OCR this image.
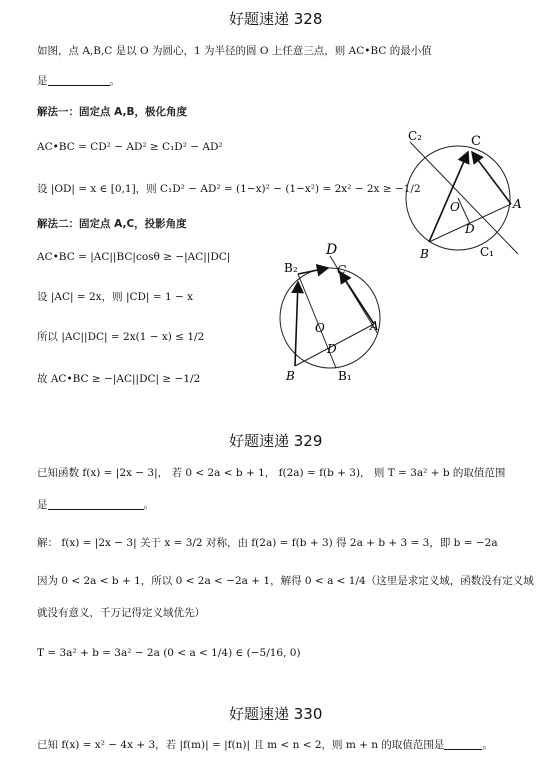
好题速递 328
如图，点 A,B,C 是以 O 为圆心，1 为半径的圆 O 上任意三点，则 AC•BC 的最小值
是	。
解法一：固定点 A,B，极化角度
AC•BC = CD² − AD² ≥ C₁D² − AD²
设 |OD| = x ∈ [0,1]，则 C₁D² − AD² = (1−x)² − (1−x²) = 2x² − 2x ≥ −1/2
解法二：固定点 A,C，投影角度
AC•BC = |AC||BC|cosθ ≥ −|AC||DC|
设 |AC| = 2x，则 |CD| = 1 − x
所以 |AC||DC| = 2x(1 − x) ≤ 1/2
故 AC•BC ≥ −|AC||DC| ≥ −1/2
C₂	C
O	A
D
B	C₁
D
B₂	C
O	A
D
B	B₁
好题速递 329
已知函数 f(x) = |2x − 3|， 若 0 < 2a < b + 1， f(2a) = f(b + 3)， 则 T = 3a² + b 的取值范围
是	。
解： f(x) = |2x − 3| 关于 x = 3/2 对称，由 f(2a) = f(b + 3) 得 2a + b + 3 = 3，即 b = −2a
因为 0 < 2a < b + 1，所以 0 < 2a < −2a + 1，解得 0 < a < 1/4（这里是求定义域，函数没有定义域
就没有意义，千万记得定义域优先）
T = 3a² + b = 3a² − 2a (0 < a < 1/4) ∈ (−5/16, 0)
好题速递 330
已知 f(x) = x² − 4x + 3，若 |f(m)| = |f(n)| 且 m < n < 2，则 m + n 的取值范围是	。
